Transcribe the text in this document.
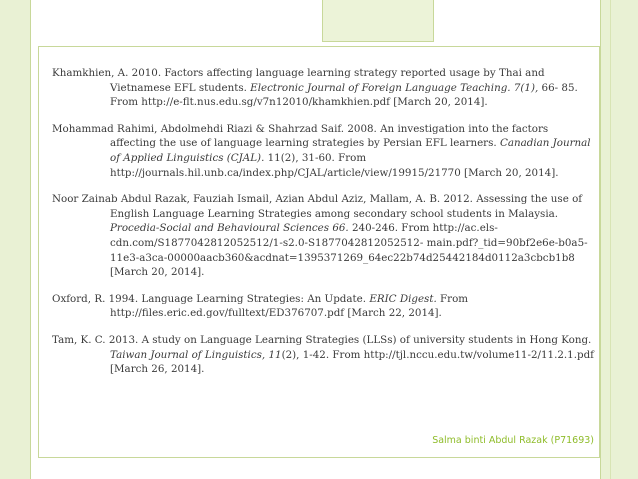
Khamkhien, A. 2010. Factors affecting language learning strategy reported usage by Thai and Vietnamese EFL students. Electronic Journal of Foreign Language Teaching. 7(1), 66- 85. From http://e-flt.nus.edu.sg/v7n12010/khamkhien.pdf [March 20, 2014].

Mohammad Rahimi, Abdolmehdi Riazi & Shahrzad Saif. 2008. An investigation into the factors affecting the use of language learning strategies by Persian EFL learners. Canadian Journal of Applied Linguistics (CJAL). 11(2), 31-60. From http://journals.hil.unb.ca/index.php/CJAL/article/view/19915/21770 [March 20, 2014].

Noor Zainab Abdul Razak, Fauziah Ismail, Azian Abdul Aziz, Mallam, A. B. 2012. Assessing the use of English Language Learning Strategies among secondary school students in Malaysia. Procedia-Social and Behavioural Sciences 66. 240-246. From http://ac.els-cdn.com/S1877042812052512/1-s2.0-S1877042812052512- main.pdf?_tid=90bf2e6e-b0a5-11e3-a3ca-00000aacb360&acdnat=1395371269_64ec22b74d25442184d0112a3cbcb1b8 [March 20, 2014].

Oxford, R. 1994. Language Learning Strategies: An Update. ERIC Digest. From http://files.eric.ed.gov/fulltext/ED376707.pdf [March 22, 2014].

Tam, K. C. 2013. A study on Language Learning Strategies (LLSs) of university students in Hong Kong. Taiwan Journal of Linguistics, 11(2), 1-42. From http://tjl.nccu.edu.tw/volume11-2/11.2.1.pdf [March 26, 2014].

Salma binti Abdul Razak (P71693)
